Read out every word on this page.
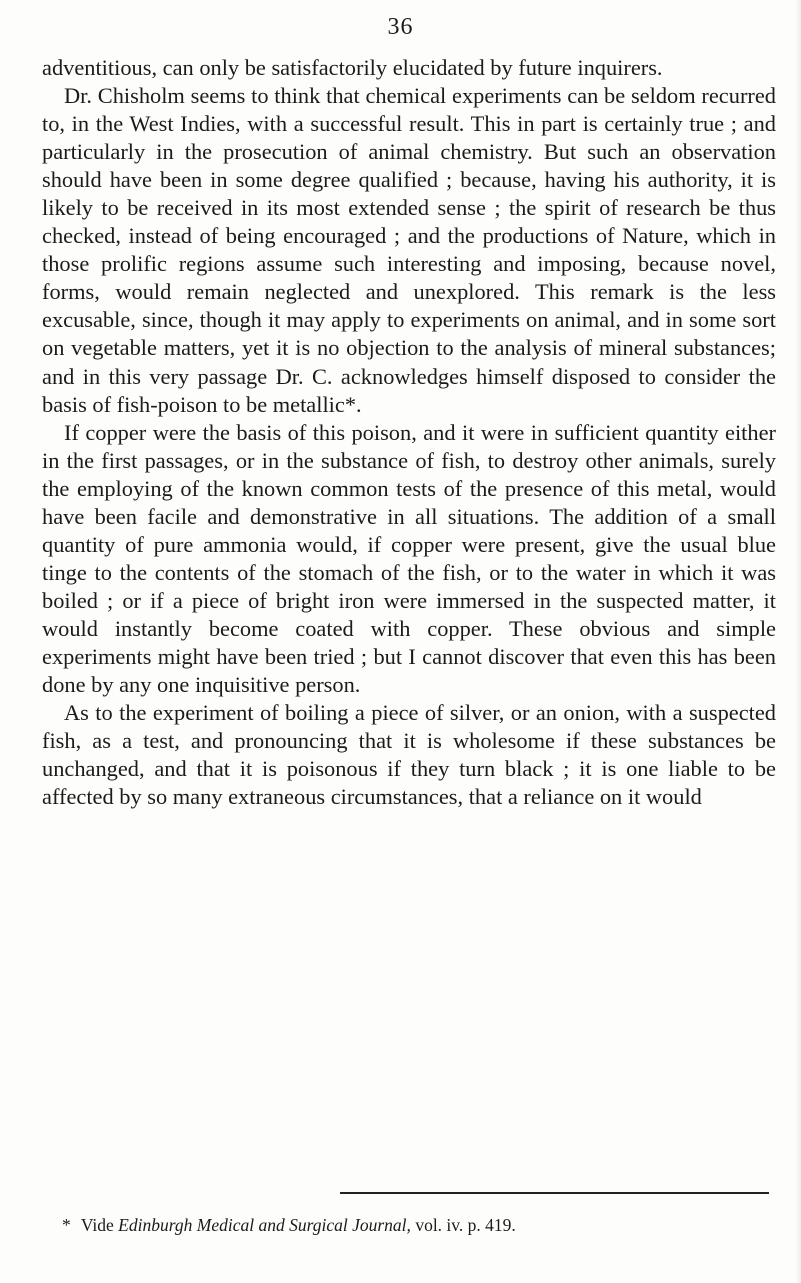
36

adventitious, can only be satisfactorily elucidated by future inquirers.

Dr. Chisholm seems to think that chemical experiments can be seldom recurred to, in the West Indies, with a successful result. This in part is certainly true ; and particularly in the prosecution of animal chemistry. But such an observation should have been in some degree qualified ; because, having his authority, it is likely to be received in its most extended sense ; the spirit of research be thus checked, instead of being encouraged ; and the productions of Nature, which in those prolific regions assume such interesting and imposing, because novel, forms, would remain neglected and unexplored. This remark is the less excusable, since, though it may apply to experiments on animal, and in some sort on vegetable matters, yet it is no objection to the analysis of mineral substances; and in this very passage Dr. C. acknowledges himself disposed to consider the basis of fish-poison to be metallic*.

If copper were the basis of this poison, and it were in sufficient quantity either in the first passages, or in the substance of fish, to destroy other animals, surely the employing of the known common tests of the presence of this metal, would have been facile and demonstrative in all situations. The addition of a small quantity of pure ammonia would, if copper were present, give the usual blue tinge to the contents of the stomach of the fish, or to the water in which it was boiled ; or if a piece of bright iron were immersed in the suspected matter, it would instantly become coated with copper. These obvious and simple experiments might have been tried ; but I cannot discover that even this has been done by any one inquisitive person.

As to the experiment of boiling a piece of silver, or an onion, with a suspected fish, as a test, and pronouncing that it is wholesome if these substances be unchanged, and that it is poisonous if they turn black ; it is one liable to be affected by so many extraneous circumstances, that a reliance on it would

* Vide Edinburgh Medical and Surgical Journal, vol. iv. p. 419.
